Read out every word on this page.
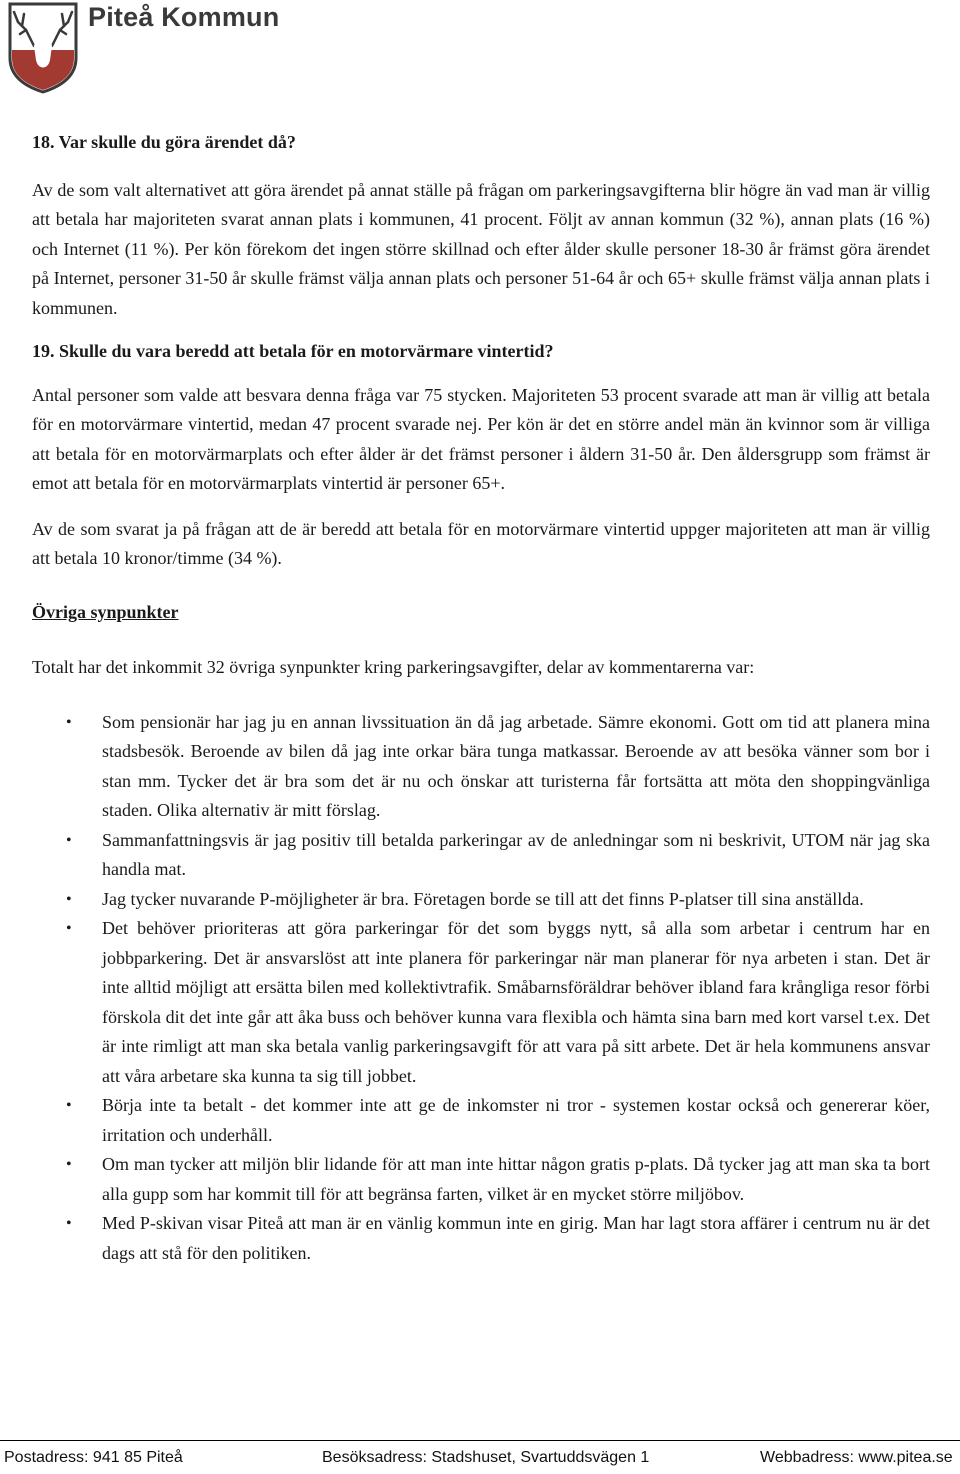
Piteå Kommun
18. Var skulle du göra ärendet då?

Av de som valt alternativet att göra ärendet på annat ställe på frågan om parkeringsavgifterna blir högre än vad man är villig att betala har majoriteten svarat annan plats i kommunen, 41 procent. Följt av annan kommun (32 %), annan plats (16 %) och Internet (11 %). Per kön förekom det ingen större skillnad och efter ålder skulle personer 18-30 år främst göra ärendet på Internet, personer 31-50 år skulle främst välja annan plats och personer 51-64 år och 65+ skulle främst välja annan plats i kommunen.

19. Skulle du vara beredd att betala för en motorvärmare vintertid?

Antal personer som valde att besvara denna fråga var 75 stycken. Majoriteten 53 procent svarade att man är villig att betala för en motorvärmare vintertid, medan 47 procent svarade nej. Per kön är det en större andel män än kvinnor som är villiga att betala för en motorvärmarplats och efter ålder är det främst personer i åldern 31-50 år. Den åldersgrupp som främst är emot att betala för en motorvärmarplats vintertid är personer 65+.

Av de som svarat ja på frågan att de är beredd att betala för en motorvärmare vintertid uppger majoriteten att man är villig att betala 10 kronor/timme (34 %).

Övriga synpunkter

Totalt har det inkommit 32 övriga synpunkter kring parkeringsavgifter, delar av kommentarerna var:

• Som pensionär har jag ju en annan livssituation än då jag arbetade. Sämre ekonomi. Gott om tid att planera mina stadsbesök. Beroende av bilen då jag inte orkar bära tunga matkassar. Beroende av att besöka vänner som bor i stan mm. Tycker det är bra som det är nu och önskar att turisterna får fortsätta att möta den shoppingvänliga staden. Olika alternativ är mitt förslag.
• Sammanfattningsvis är jag positiv till betalda parkeringar av de anledningar som ni beskrivit, UTOM när jag ska handla mat.
• Jag tycker nuvarande P-möjligheter är bra. Företagen borde se till att det finns P-platser till sina anställda.
• Det behöver prioriteras att göra parkeringar för det som byggs nytt, så alla som arbetar i centrum har en jobbparkering. Det är ansvarslöst att inte planera för parkeringar när man planerar för nya arbeten i stan. Det är inte alltid möjligt att ersätta bilen med kollektivtrafik. Småbarnsföräldrar behöver ibland fara krångliga resor förbi förskola dit det inte går att åka buss och behöver kunna vara flexibla och hämta sina barn med kort varsel t.ex. Det är inte rimligt att man ska betala vanlig parkeringsavgift för att vara på sitt arbete. Det är hela kommunens ansvar att våra arbetare ska kunna ta sig till jobbet.
• Börja inte ta betalt - det kommer inte att ge de inkomster ni tror - systemen kostar också och genererar köer, irritation och underhåll.
• Om man tycker att miljön blir lidande för att man inte hittar någon gratis p-plats. Då tycker jag att man ska ta bort alla gupp som har kommit till för att begränsa farten, vilket är en mycket större miljöbov.
• Med P-skivan visar Piteå att man är en vänlig kommun inte en girig. Man har lagt stora affärer i centrum nu är det dags att stå för den politiken.
Postadress: 941 85 Piteå	Besöksadress: Stadshuset, Svartuddsvägen 1	Webbadress: www.pitea.se
